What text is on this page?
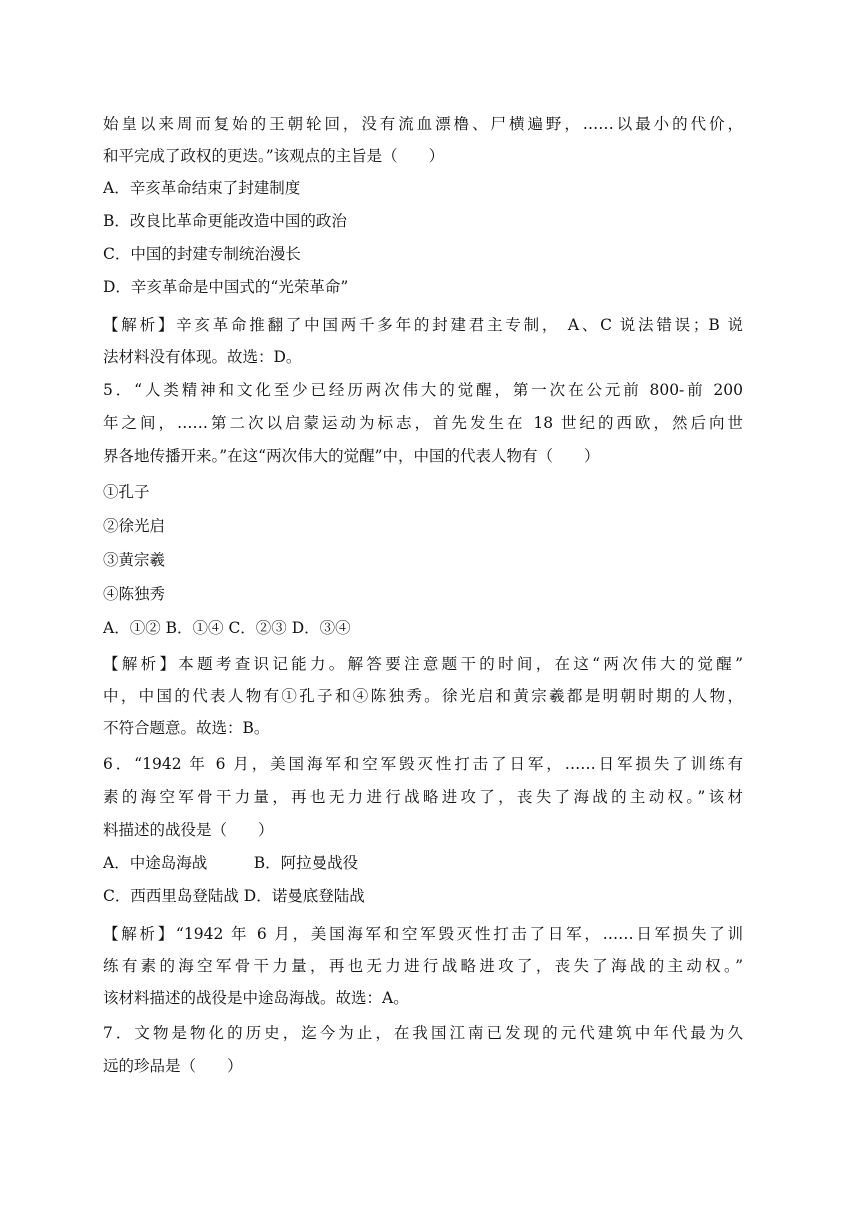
始皇以来周而复始的王朝轮回，没有流血漂橹、尸横遍野，……以最小的代价，
和平完成了政权的更迭。”该观点的主旨是（　　）
A．辛亥革命结束了封建制度
B．改良比革命更能改造中国的政治
C．中国的封建专制统治漫长
D．辛亥革命是中国式的“光荣革命”
【解析】辛亥革命推翻了中国两千多年的封建君主专制， A、C 说法错误；B 说
法材料没有体现。故选：D。
5．“人类精神和文化至少已经历两次伟大的觉醒，第一次在公元前 800-前 200
年之间，……第二次以启蒙运动为标志，首先发生在 18 世纪的西欧，然后向世
界各地传播开来。”在这“两次伟大的觉醒”中，中国的代表人物有（　　）
①孔子
②徐光启
③黄宗羲
④陈独秀
A．①② B．①④ C．②③ D．③④
【解析】本题考查识记能力。解答要注意题干的时间，在这“两次伟大的觉醒”
中，中国的代表人物有①孔子和④陈独秀。徐光启和黄宗羲都是明朝时期的人物，
不符合题意。故选：B。
6．“1942 年 6 月，美国海军和空军毁灭性打击了日军，……日军损失了训练有
素的海空军骨干力量，再也无力进行战略进攻了，丧失了海战的主动权。”该材
料描述的战役是（　　）
A．中途岛海战　　　B．阿拉曼战役
C．西西里岛登陆战 D．诺曼底登陆战
【解析】“1942 年 6 月，美国海军和空军毁灭性打击了日军，……日军损失了训
练有素的海空军骨干力量，再也无力进行战略进攻了，丧失了海战的主动权。”
该材料描述的战役是中途岛海战。故选：A。
7．文物是物化的历史，迄今为止，在我国江南已发现的元代建筑中年代最为久
远的珍品是（　　）
